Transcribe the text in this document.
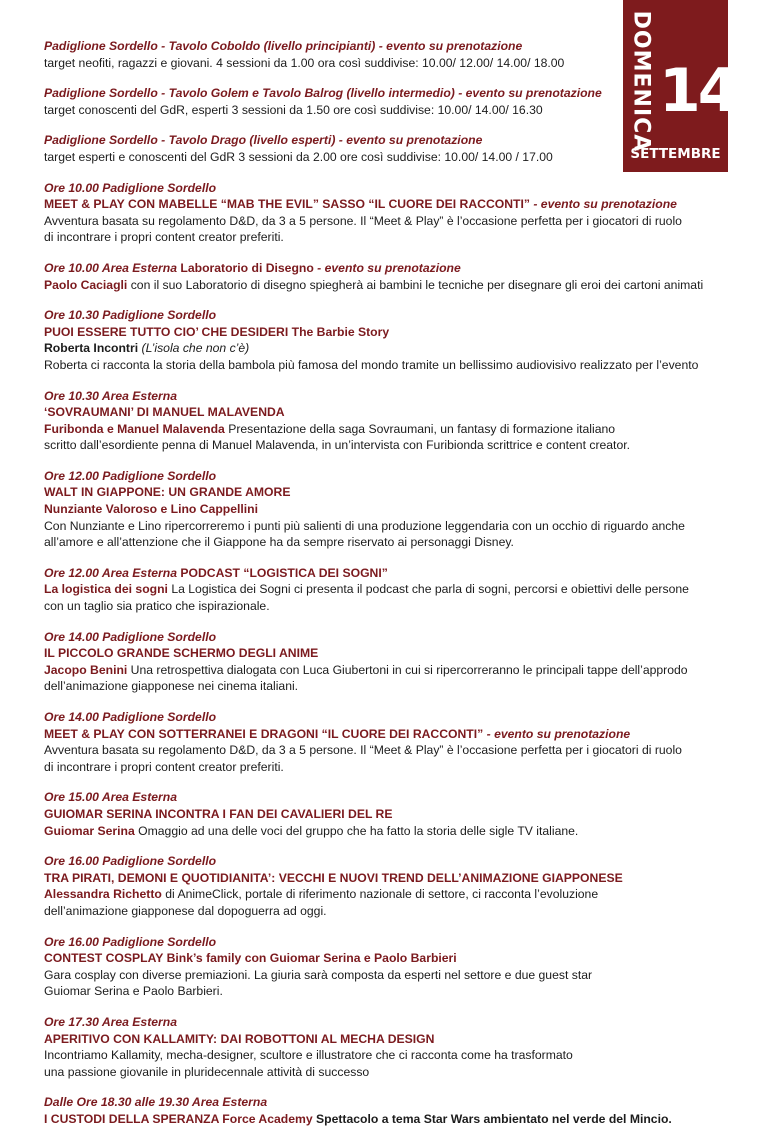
DOMENICA 14
SETTEMBRE
Padiglione Sordello - Tavolo Coboldo (livello principianti) - evento su prenotazione
target neofiti, ragazzi e giovani. 4 sessioni da 1.00 ora così suddivise: 10.00/ 12.00/ 14.00/ 18.00
Padiglione Sordello - Tavolo Golem e Tavolo Balrog (livello intermedio) - evento su prenotazione
target conoscenti del GdR, esperti 3 sessioni da 1.50 ore così suddivise: 10.00/ 14.00/ 16.30
Padiglione Sordello - Tavolo Drago (livello esperti) - evento su prenotazione
target esperti e conoscenti del GdR 3 sessioni da 2.00 ore così suddivise: 10.00/ 14.00 / 17.00
Ore 10.00 Padiglione Sordello
MEET & PLAY CON MABELLE “MAB THE EVIL” SASSO “IL CUORE DEI RACCONTI” - evento su prenotazione
Avventura basata su regolamento D&D, da 3 a 5 persone. Il “Meet & Play” è l’occasione perfetta per i giocatori di ruolo
di incontrare i propri content creator preferiti.
Ore 10.00 Area Esterna Laboratorio di Disegno - evento su prenotazione
Paolo Caciagli con il suo Laboratorio di disegno spiegherà ai bambini le tecniche per disegnare gli eroi dei cartoni animati
Ore 10.30 Padiglione Sordello
PUOI ESSERE TUTTO CIO’ CHE DESIDERI The Barbie Story
Roberta Incontri (L’isola che non c’è)
Roberta ci racconta la storia della bambola più famosa del mondo tramite un bellissimo audiovisivo realizzato per l’evento
Ore 10.30 Area Esterna
‘SOVRAUMANI’ DI MANUEL MALAVENDA
Furibonda e Manuel Malavenda Presentazione della saga Sovraumani, un fantasy di formazione italiano
scritto dall’esordiente penna di Manuel Malavenda, in un’intervista con Furibionda scrittrice e content creator.
Ore 12.00 Padiglione Sordello
WALT IN GIAPPONE: UN GRANDE AMORE
Nunziante Valoroso e Lino Cappellini
Con Nunziante e Lino ripercorreremo i punti più salienti di una produzione leggendaria con un occhio di riguardo anche
all’amore e all’attenzione che il Giappone ha da sempre riservato ai personaggi Disney.
Ore 12.00 Area Esterna PODCAST “LOGISTICA DEI SOGNI”
La logistica dei sogni La Logistica dei Sogni ci presenta il podcast che parla di sogni, percorsi e obiettivi delle persone
con un taglio sia pratico che ispirazionale.
Ore 14.00 Padiglione Sordello
IL PICCOLO GRANDE SCHERMO DEGLI ANIME
Jacopo Benini Una retrospettiva dialogata con Luca Giubertoni in cui si ripercorreranno le principali tappe dell’approdo
dell’animazione giapponese nei cinema italiani.
Ore 14.00 Padiglione Sordello
MEET & PLAY CON SOTTERRANEI E DRAGONI “IL CUORE DEI RACCONTI” - evento su prenotazione
Avventura basata su regolamento D&D, da 3 a 5 persone. Il “Meet & Play” è l’occasione perfetta per i giocatori di ruolo
di incontrare i propri content creator preferiti.
Ore 15.00 Area Esterna
GUIOMAR SERINA INCONTRA I FAN DEI CAVALIERI DEL RE
Guiomar Serina Omaggio ad una delle voci del gruppo che ha fatto la storia delle sigle TV italiane.
Ore 16.00 Padiglione Sordello
TRA PIRATI, DEMONI E QUOTIDIANITA’: VECCHI E NUOVI TREND DELL’ANIMAZIONE GIAPPONESE
Alessandra Richetto di AnimeClick, portale di riferimento nazionale di settore, ci racconta l’evoluzione
dell’animazione giapponese dal dopoguerra ad oggi.
Ore 16.00 Padiglione Sordello
CONTEST COSPLAY Bink’s family con Guiomar Serina e Paolo Barbieri
Gara cosplay con diverse premiazioni. La giuria sarà composta da esperti nel settore e due guest star
Guiomar Serina e Paolo Barbieri.
Ore 17.30 Area Esterna
APERITIVO CON KALLAMITY: DAI ROBOTTONI AL MECHA DESIGN
Incontriamo Kallamity, mecha-designer, scultore e illustratore che ci racconta come ha trasformato
una passione giovanile in pluridecennale attività di successo
Dalle Ore 18.30 alle 19.30 Area Esterna
I CUSTODI DELLA SPERANZA Force Academy Spettacolo a tema Star Wars ambientato nel verde del Mincio.
